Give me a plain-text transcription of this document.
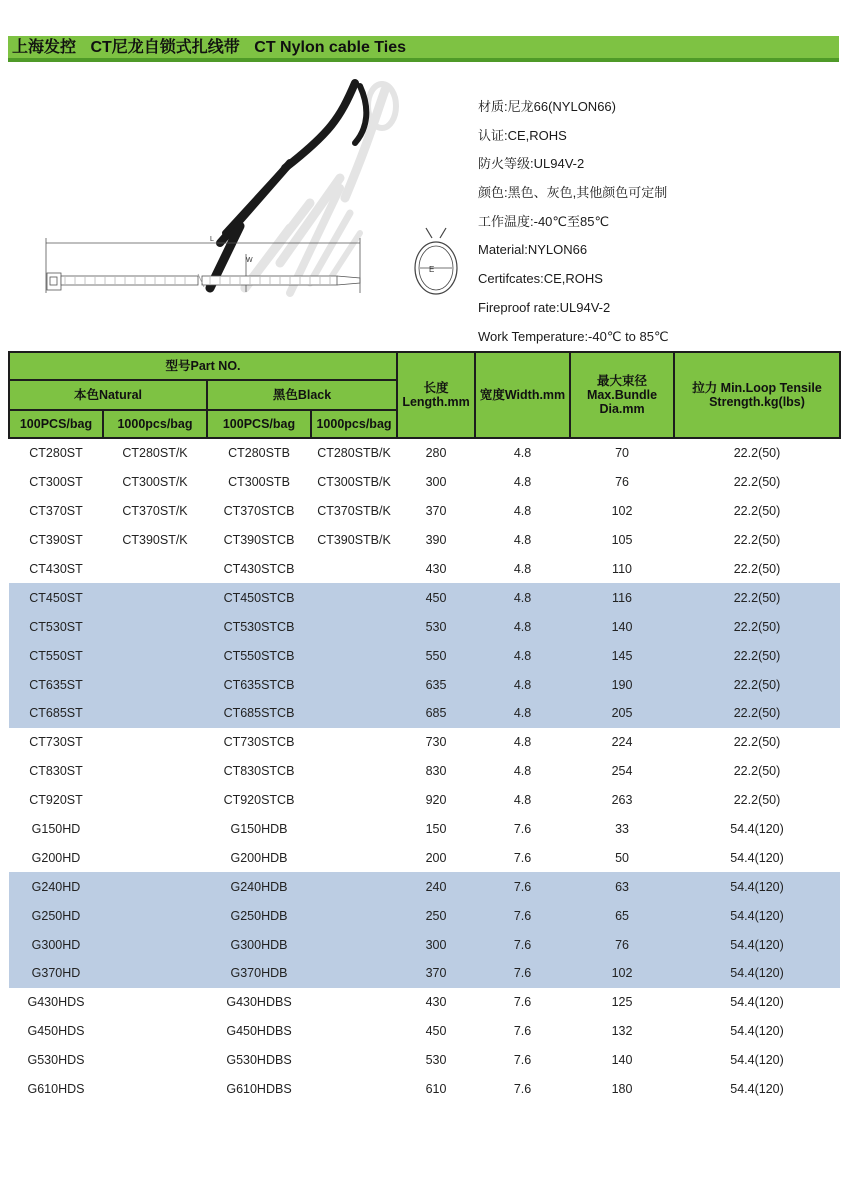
上海发控 CT尼龙自锁式扎线带 CT Nylon cable Ties
E
L
W
材质:尼龙66(NYLON66)
认证:CE,ROHS
防火等级:UL94V-2
颜色:黑色、灰色,其他颜色可定制
工作温度:-40℃至85℃
Material:NYLON66
Certifcates:CE,ROHS
Fireproof rate:UL94V-2
Work Temperature:-40℃ to 85℃
型号Part NO.				长度 Length.mm	宽度Width.mm	最大束径 Max.Bundle Dia.mm	拉力 Min.Loop Tensile Strength.kg(lbs)
本色Natural		黑色Black					
100PCS/bag	1000pcs/bag	100PCS/bag	1000pcs/bag				
CT280ST	CT280ST/K	CT280STB	CT280STB/K	280	4.8	70	22.2(50)
CT300ST	CT300ST/K	CT300STB	CT300STB/K	300	4.8	76	22.2(50)
CT370ST	CT370ST/K	CT370STCB	CT370STB/K	370	4.8	102	22.2(50)
CT390ST	CT390ST/K	CT390STCB	CT390STB/K	390	4.8	105	22.2(50)
CT430ST		CT430STCB		430	4.8	110	22.2(50)
CT450ST		CT450STCB		450	4.8	116	22.2(50)
CT530ST		CT530STCB		530	4.8	140	22.2(50)
CT550ST		CT550STCB		550	4.8	145	22.2(50)
CT635ST		CT635STCB		635	4.8	190	22.2(50)
CT685ST		CT685STCB		685	4.8	205	22.2(50)
CT730ST		CT730STCB		730	4.8	224	22.2(50)
CT830ST		CT830STCB		830	4.8	254	22.2(50)
CT920ST		CT920STCB		920	4.8	263	22.2(50)
G150HD		G150HDB		150	7.6	33	54.4(120)
G200HD		G200HDB		200	7.6	50	54.4(120)
G240HD		G240HDB		240	7.6	63	54.4(120)
G250HD		G250HDB		250	7.6	65	54.4(120)
G300HD		G300HDB		300	7.6	76	54.4(120)
G370HD		G370HDB		370	7.6	102	54.4(120)
G430HDS		G430HDBS		430	7.6	125	54.4(120)
G450HDS		G450HDBS		450	7.6	132	54.4(120)
G530HDS		G530HDBS		530	7.6	140	54.4(120)
G610HDS		G610HDBS		610	7.6	180	54.4(120)
